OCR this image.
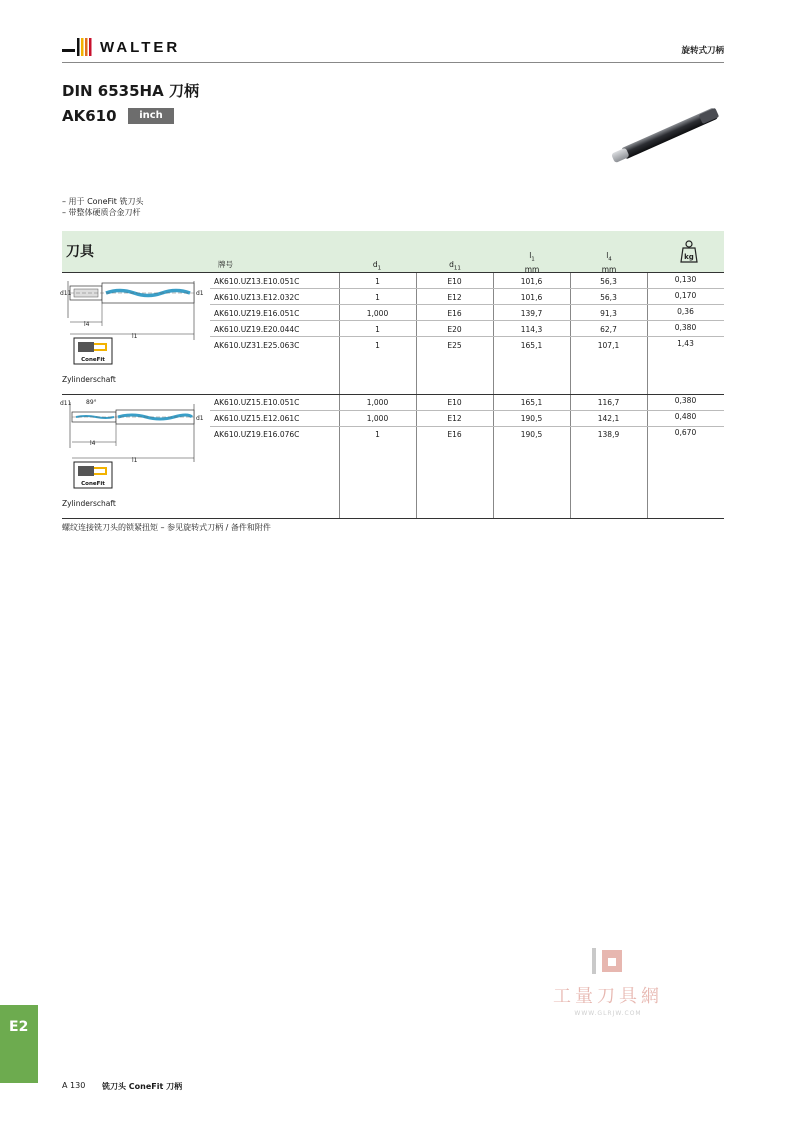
WALTER	旋转式刀柄
DIN 6535HA 刀柄
AK610	inch
– 用于 ConeFit 铣刀头
– 带整体硬质合金刀杆
刀具
牌号	$d_1$	$d_{11}$
$l_1$
mm
$l_4$
mm
kg
AK610.UZ13.E10.051C	1	E10	101,6	56,3	0,130
AK610.UZ13.E12.032C	1	E12	101,6	56,3	0,170
AK610.UZ19.E16.051C	1,000	E16	139,7	91,3	0,36
AK610.UZ19.E20.044C	1	E20	114,3	62,7	0,380
AK610.UZ31.E25.063C	1	E25	165,1	107,1	1,43
AK610.UZ15.E10.051C	1,000	E10	165,1	116,7	0,380
AK610.UZ15.E12.061C	1,000	E12	190,5	142,1	0,480
AK610.UZ19.E16.076C	1	E16	190,5	138,9	0,670
d11	d1
l4
l1
ConeFit
Zylinderschaft
d11 89°
d1
l4
l1
ConeFit
Zylinderschaft
螺纹连接铣刀头的锁紧扭矩 – 参见旋转式刀柄 / 备件和附件
工量刀具網
WWW.GLRJW.COM
E2
A 130 铣刀头 ConeFit 刀柄
